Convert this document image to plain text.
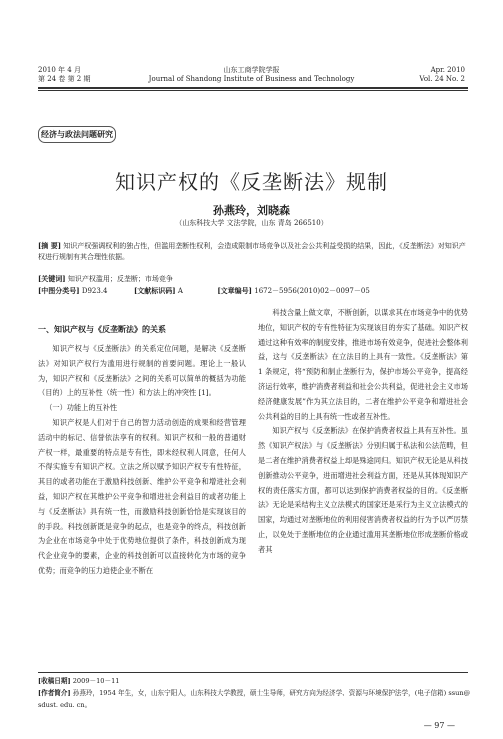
2010 年 4 月
第 24 卷 第 2 期
山东工商学院学报
Journal of Shandong Institute of Business and Technology
Apr. 2010
Vol. 24 No. 2
经济与政法问题研究
知识产权的《反垄断法》规制
孙燕玲，刘晓森
（山东科技大学 文法学院，山东 青岛 266510）
[摘 要] 知识产权强调权利的独占性，但滥用垄断性权利，会造成限制市场竞争以及社会公共利益受损的结果，因此，《反垄断法》对知识产权进行规制有其合理性依据。
[关键词] 知识产权滥用；反垄断；市场竞争
[中图分类号] D923.4	[文献标识码] A	[文章编号] 1672－5956(2010)02－0097－05

一、知识产权与《反垄断法》的关系

知识产权与《反垄断法》的关系定位问题，是解决《反垄断法》对知识产权行为滥用进行规制的首要问题。理论上一般认为，知识产权和《反垄断法》之间的关系可以简单的概括为功能（目的）上的互补性（统一性）和方法上的冲突性 [1]。

（一）功能上的互补性

知识产权是人们对于自己的智力活动创造的成果和经营管理活动中的标记、信誉依法享有的权利。知识产权和一般的普通财产权一样，最重要的特点是专有性，即未经权利人同意，任何人不得实施专有知识产权。立法之所以赋予知识产权专有性特征，其目的或者功能在于激励科技创新、维护公平竞争和增进社会利益，知识产权在其维护公平竞争和增进社会利益目的或者功能上与《反垄断法》具有统一性，而激励科技创新恰恰是实现该目的的手段。科技创新既是竞争的起点，也是竞争的终点，科技创新为企业在市场竞争中处于优势地位提供了条件，科技创新成为现代企业竞争的要素，企业的科技创新可以直接转化为市场的竞争优势；而竞争的压力迫使企业不断在

科技含量上做文章，不断创新，以谋求其在市场竞争中的优势地位，知识产权的专有性特征为实现该目的夯实了基础。知识产权通过这种有效率的制度安排，推进市场有效竞争，促进社会整体利益，这与《反垄断法》在立法目的上具有一致性。《反垄断法》第 1 条规定，将“预防和制止垄断行为，保护市场公平竞争，提高经济运行效率，维护消费者利益和社会公共利益，促进社会主义市场经济健康发展”作为其立法目的，二者在维护公平竞争和增进社会公共利益的目的上具有统一性或者互补性。

知识产权与《反垄断法》在保护消费者权益上具有互补性。虽然《知识产权法》与《反垄断法》分别归属于私法和公法范畴，但是二者在维护消费者权益上却是殊途同归。知识产权无论是从科技创新推动公平竞争，进而增进社会利益方面，还是从其体现知识产权的责任落实方面，都可以达到保护消费者权益的目的。《反垄断法》无论是采结构主义立法模式的国家还是采行为主义立法模式的国家，均通过对垄断地位的利用侵害消费者权益的行为予以严厉禁止，以免处于垄断地位的企业通过滥用其垄断地位形成垄断价格或者其

[收稿日期] 2009－10－11
[作者简介] 孙燕玲，1954 年生，女，山东宁阳人，山东科技大学教授，硕士生导师，研究方向为经济学、资源与环境保护法学，(电子信箱) ssun@ sdust. edu. cn。
— 97 —
